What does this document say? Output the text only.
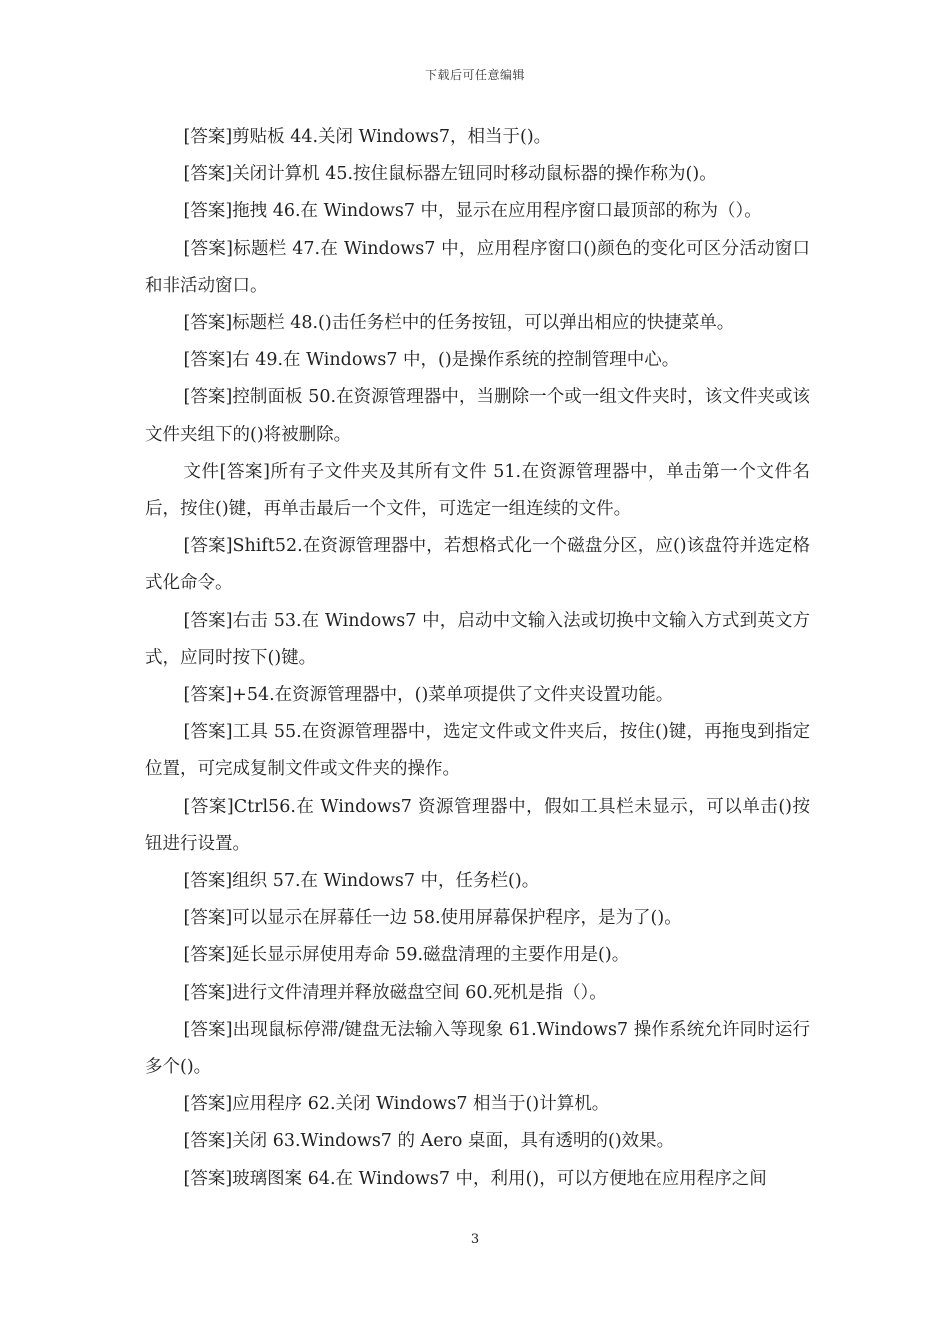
下载后可任意编辑

[答案]剪贴板 44.关闭 Windows7，相当于()。

[答案]关闭计算机 45.按住鼠标器左钮同时移动鼠标器的操作称为()。

[答案]拖拽 46.在 Windows7 中，显示在应用程序窗口最顶部的称为（）。

[答案]标题栏 47.在 Windows7 中，应用程序窗口()颜色的变化可区分活动窗口和非活动窗口。

[答案]标题栏 48.()击任务栏中的任务按钮，可以弹出相应的快捷菜单。

[答案]右 49.在 Windows7 中，()是操作系统的控制管理中心。

[答案]控制面板 50.在资源管理器中，当删除一个或一组文件夹时，该文件夹或该文件夹组下的()将被删除。

文件[答案]所有子文件夹及其所有文件 51.在资源管理器中，单击第一个文件名后，按住()键，再单击最后一个文件，可选定一组连续的文件。

[答案]Shift52.在资源管理器中，若想格式化一个磁盘分区，应()该盘符并选定格式化命令。

[答案]右击 53.在 Windows7 中，启动中文输入法或切换中文输入方式到英文方式，应同时按下()键。

[答案]+54.在资源管理器中，()菜单项提供了文件夹设置功能。

[答案]工具 55.在资源管理器中，选定文件或文件夹后，按住()键，再拖曳到指定位置，可完成复制文件或文件夹的操作。

[答案]Ctrl56.在 Windows7 资源管理器中，假如工具栏未显示，可以单击()按钮进行设置。

[答案]组织 57.在 Windows7 中，任务栏()。

[答案]可以显示在屏幕任一边 58.使用屏幕保护程序，是为了()。

[答案]延长显示屏使用寿命 59.磁盘清理的主要作用是()。

[答案]进行文件清理并释放磁盘空间 60.死机是指（）。

[答案]出现鼠标停滞/键盘无法输入等现象 61.Windows7 操作系统允许同时运行多个()。

[答案]应用程序 62.关闭 Windows7 相当于()计算机。

[答案]关闭 63.Windows7 的 Aero 桌面，具有透明的()效果。

[答案]玻璃图案 64.在 Windows7 中，利用()，可以方便地在应用程序之间

3
